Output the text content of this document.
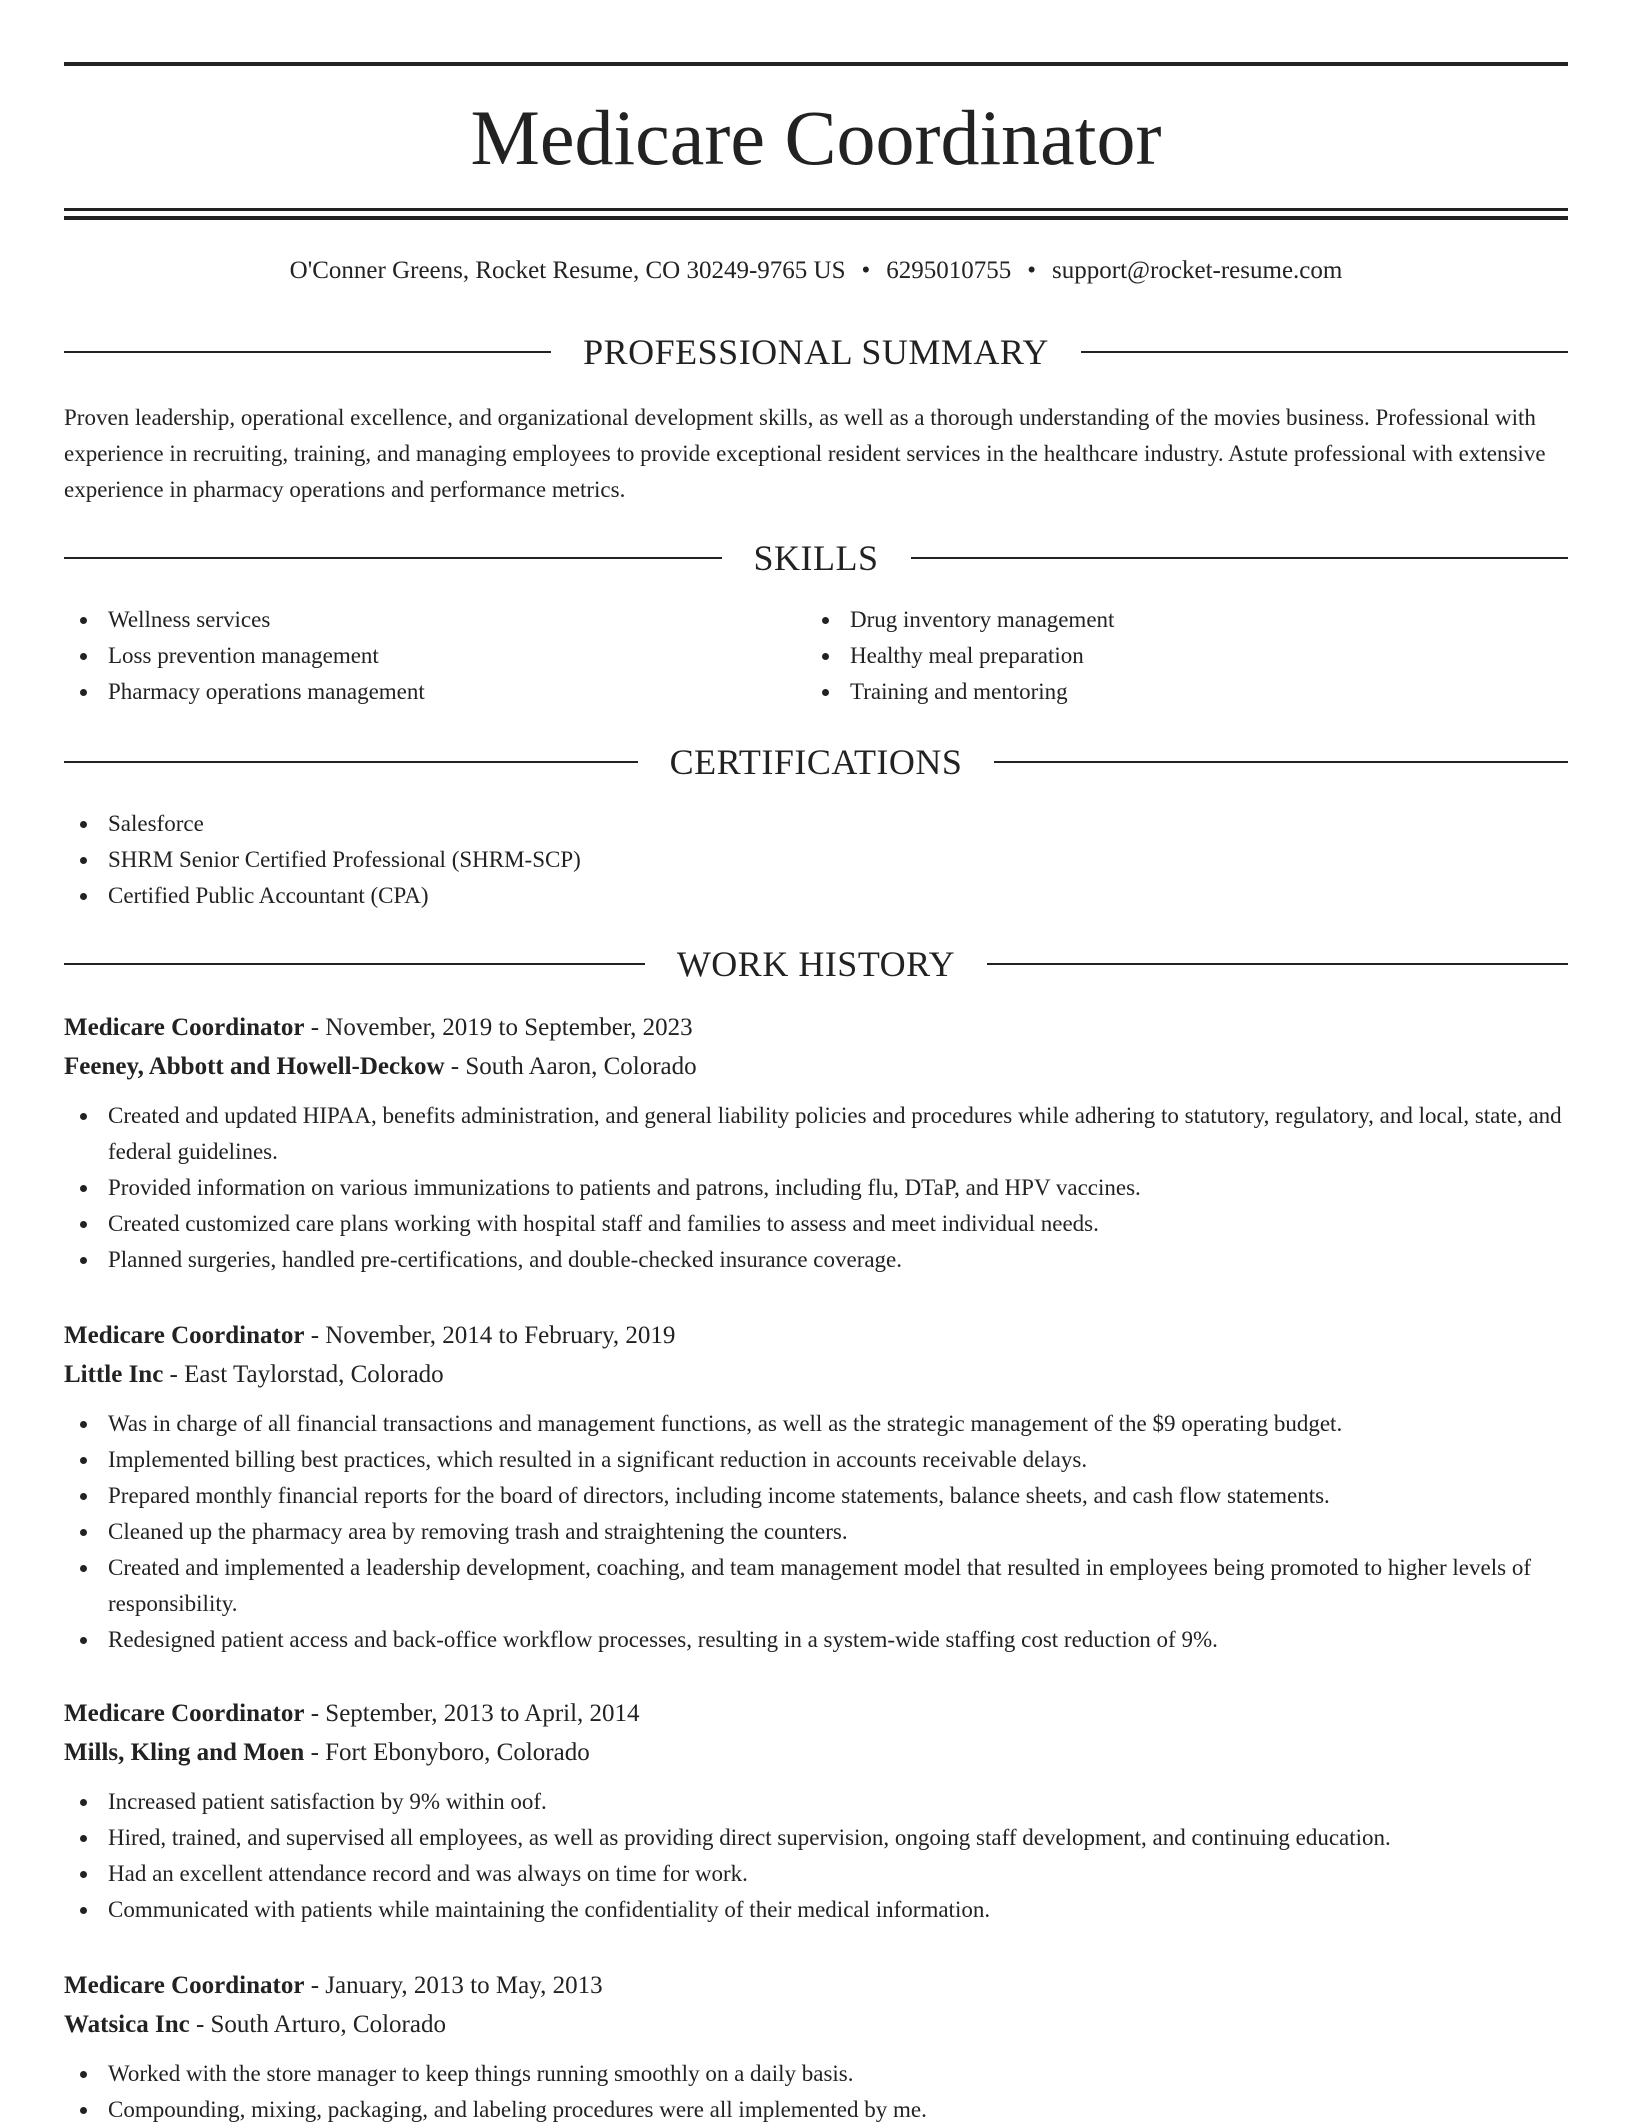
Medicare Coordinator
O'Conner Greens, Rocket Resume, CO 30249-9765 US • 6295010755 • support@rocket-resume.com
PROFESSIONAL SUMMARY

Proven leadership, operational excellence, and organizational development skills, as well as a thorough understanding of the movies business. Professional with experience in recruiting, training, and managing employees to provide exceptional resident services in the healthcare industry. Astute professional with extensive experience in pharmacy operations and performance metrics.

SKILLS
Wellness services
Loss prevention management
Pharmacy operations management
Drug inventory management
Healthy meal preparation
Training and mentoring
CERTIFICATIONS
Salesforce
SHRM Senior Certified Professional (SHRM-SCP)
Certified Public Accountant (CPA)
WORK HISTORY
Medicare Coordinator - November, 2019 to September, 2023
Feeney, Abbott and Howell-Deckow - South Aaron, Colorado
Created and updated HIPAA, benefits administration, and general liability policies and procedures while adhering to statutory, regulatory, and local, state, and federal guidelines.
Provided information on various immunizations to patients and patrons, including flu, DTaP, and HPV vaccines.
Created customized care plans working with hospital staff and families to assess and meet individual needs.
Planned surgeries, handled pre-certifications, and double-checked insurance coverage.
Medicare Coordinator - November, 2014 to February, 2019
Little Inc - East Taylorstad, Colorado
Was in charge of all financial transactions and management functions, as well as the strategic management of the $9 operating budget.
Implemented billing best practices, which resulted in a significant reduction in accounts receivable delays.
Prepared monthly financial reports for the board of directors, including income statements, balance sheets, and cash flow statements.
Cleaned up the pharmacy area by removing trash and straightening the counters.
Created and implemented a leadership development, coaching, and team management model that resulted in employees being promoted to higher levels of responsibility.
Redesigned patient access and back-office workflow processes, resulting in a system-wide staffing cost reduction of 9%.
Medicare Coordinator - September, 2013 to April, 2014
Mills, Kling and Moen - Fort Ebonyboro, Colorado
Increased patient satisfaction by 9% within oof.
Hired, trained, and supervised all employees, as well as providing direct supervision, ongoing staff development, and continuing education.
Had an excellent attendance record and was always on time for work.
Communicated with patients while maintaining the confidentiality of their medical information.
Medicare Coordinator - January, 2013 to May, 2013
Watsica Inc - South Arturo, Colorado
Worked with the store manager to keep things running smoothly on a daily basis.
Compounding, mixing, packaging, and labeling procedures were all implemented by me.
